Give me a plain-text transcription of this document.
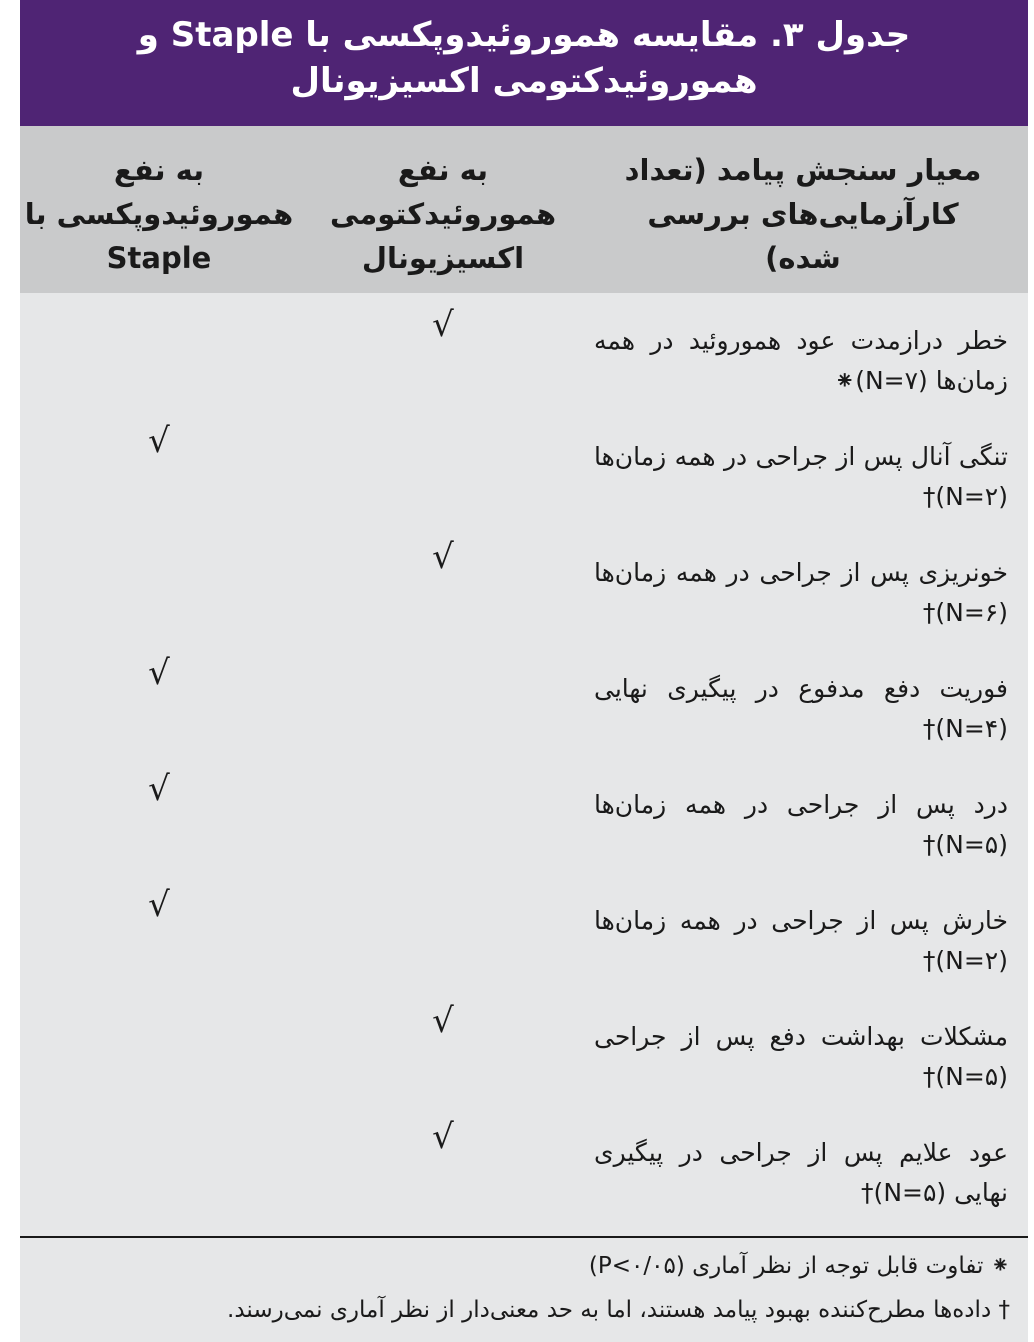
جدول ۳. مقایسه هموروئیدوپکسی با Staple و هموروئیدکتومی اکسیزیونال
معیار سنجش پیامد (تعداد کارآزمایی‌های بررسی شده)
به نفع هموروئیدکتومی اکسیزیونال
به نفع هموروئیدوپکسی با Staple
خطر درازمدت عود هموروئید در همه زمان‌ها (N=۷)⁕
√
تنگی آنال پس از جراحی در همه زمان‌ها (N=۲)†
√
خونریزی پس از جراحی در همه زمان‌ها (N=۶)†
√
فوریت دفع مدفوع در پیگیری نهایی (N=۴)†
√
درد پس از جراحی در همه زمان‌ها (N=۵)†
√
خارش پس از جراحی در همه زمان‌ها (N=۲)†
√
مشکلات بهداشت دفع پس از جراحی (N=۵)†
√
عود علایم پس از جراحی در پیگیری نهایی (N=۵)†
√
⁕ تفاوت قابل توجه از نظر آماری (P<۰/۰۵)
† داده‌ها مطرح‌کننده بهبود پیامد هستند، اما به حد معنی‌دار از نظر آماری نمی‌رسند.
